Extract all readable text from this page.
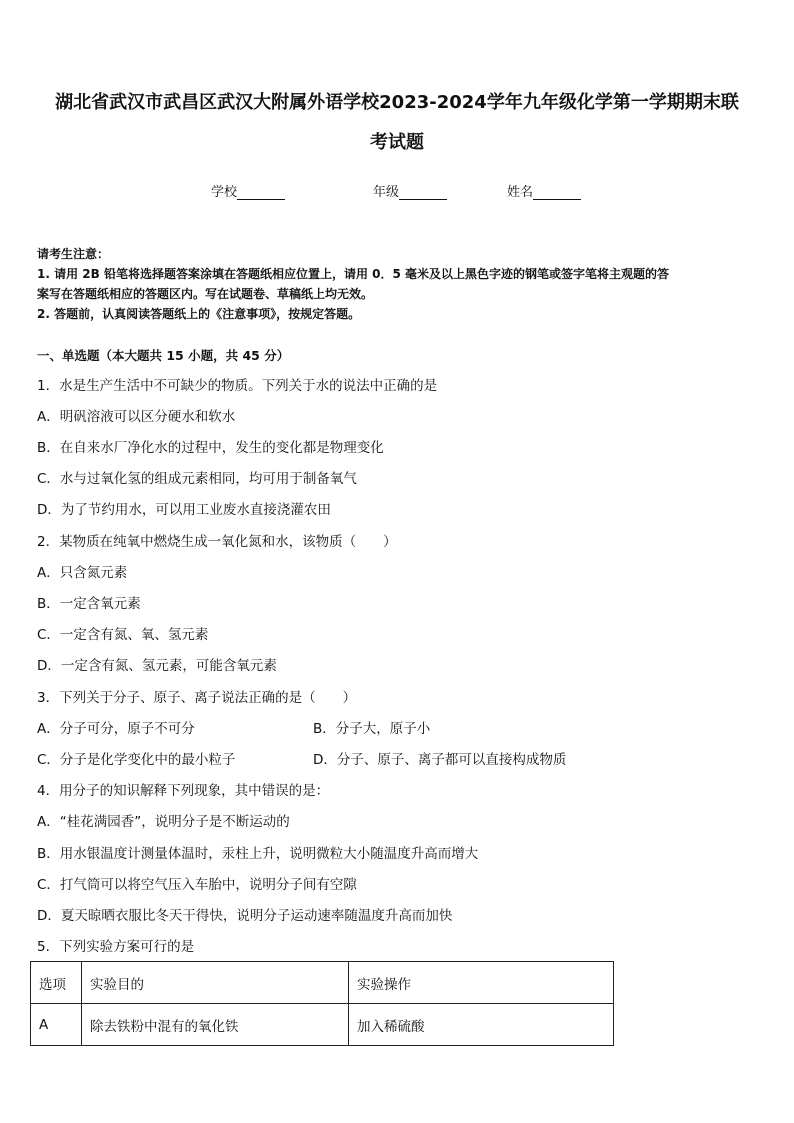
湖北省武汉市武昌区武汉大附属外语学校2023-2024学年九年级化学第一学期期末联
考试题
学校	年级	姓名
请考生注意：
1. 请用 2B 铅笔将选择题答案涂填在答题纸相应位置上，请用 0．5 毫米及以上黑色字迹的钢笔或签字笔将主观题的答
案写在答题纸相应的答题区内。写在试题卷、草稿纸上均无效。
2. 答题前，认真阅读答题纸上的《注意事项》，按规定答题。
一、单选题（本大题共 15 小题，共 45 分）
1．水是生产生活中不可缺少的物质。下列关于水的说法中正确的是
A．明矾溶液可以区分硬水和软水
B．在自来水厂净化水的过程中，发生的变化都是物理变化
C．水与过氧化氢的组成元素相同，均可用于制备氧气
D．为了节约用水，可以用工业废水直接浇灌农田
2．某物质在纯氧中燃烧生成一氧化氮和水，该物质（　　）
A．只含氮元素
B．一定含氧元素
C．一定含有氮、氧、氢元素
D．一定含有氮、氢元素，可能含氧元素
3．下列关于分子、原子、离子说法正确的是（　　）
A．分子可分，原子不可分	B．分子大，原子小
C．分子是化学变化中的最小粒子	D．分子、原子、离子都可以直接构成物质
4．用分子的知识解释下列现象，其中错误的是：
A．“桂花满园香”，说明分子是不断运动的
B．用水银温度计测量体温时，汞柱上升，说明微粒大小随温度升高而增大
C．打气筒可以将空气压入车胎中，说明分子间有空隙
D．夏天晾晒衣服比冬天干得快，说明分子运动速率随温度升高而加快
5．下列实验方案可行的是
选项	实验目的	实验操作
A	除去铁粉中混有的氧化铁	加入稀硫酸
